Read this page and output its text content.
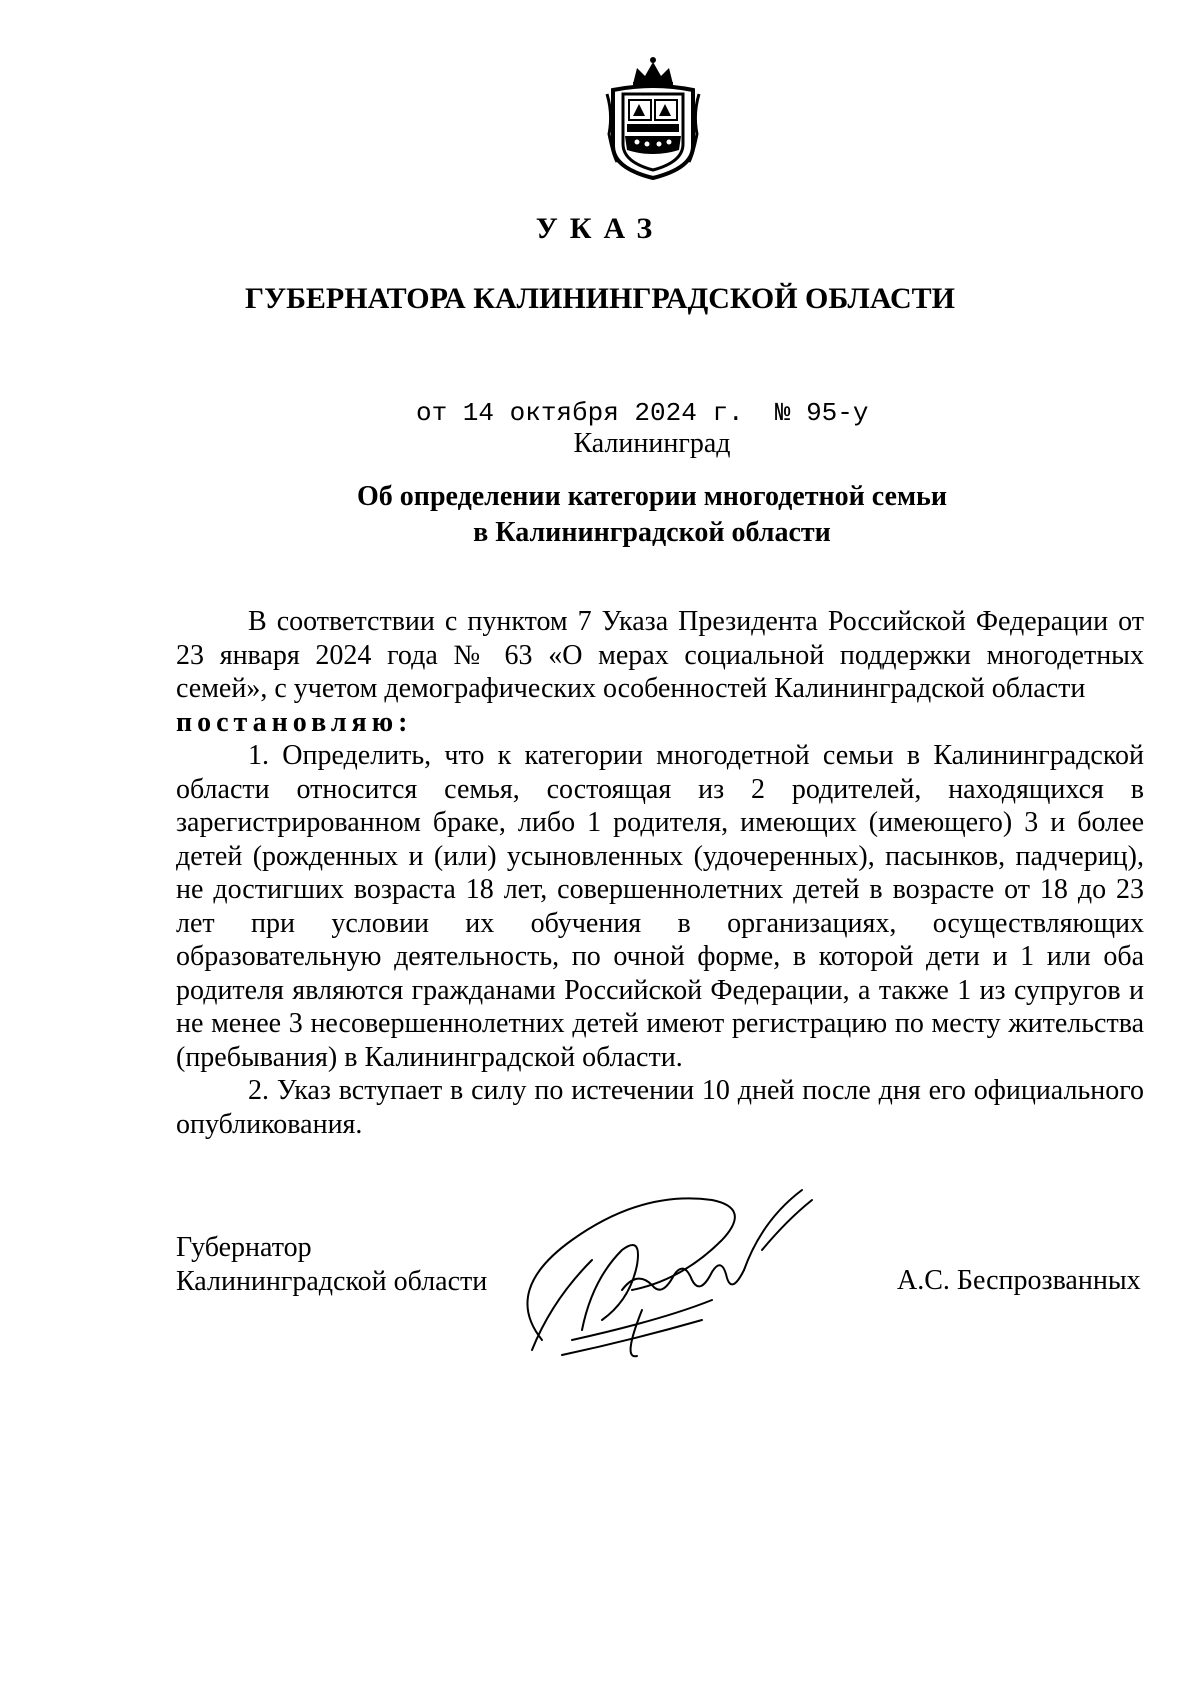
УКАЗ
ГУБЕРНАТОРА КАЛИНИНГРАДСКОЙ ОБЛАСТИ
от 14 октября 2024 г.  № 95-у
Калининград
Об определении категории многодетной семьи
в Калининградской области

В соответствии с пунктом 7 Указа Президента Российской Федерации от 23 января 2024 года № 63 «О мерах социальной поддержки многодетных семей», с учетом демографических особенностей Калининградской области

постановляю:

1. Определить, что к категории многодетной семьи в Калининградской области относится семья, состоящая из 2 родителей, находящихся в зарегистрированном браке, либо 1 родителя, имеющих (имеющего) 3 и более детей (рожденных и (или) усыновленных (удочеренных), пасынков, падчериц), не достигших возраста 18 лет, совершеннолетних детей в возрасте от 18 до 23 лет при условии их обучения в организациях, осуществляющих образовательную деятельность, по очной форме, в которой дети и 1 или оба родителя являются гражданами Российской Федерации, а также 1 из супругов и не менее 3 несовершеннолетних детей имеют регистрацию по месту жительства (пребывания) в Калининградской области.

2. Указ вступает в силу по истечении 10 дней после дня его официального опубликования.

Губернатор
Калининградской области	А.С. Беспрозванных
